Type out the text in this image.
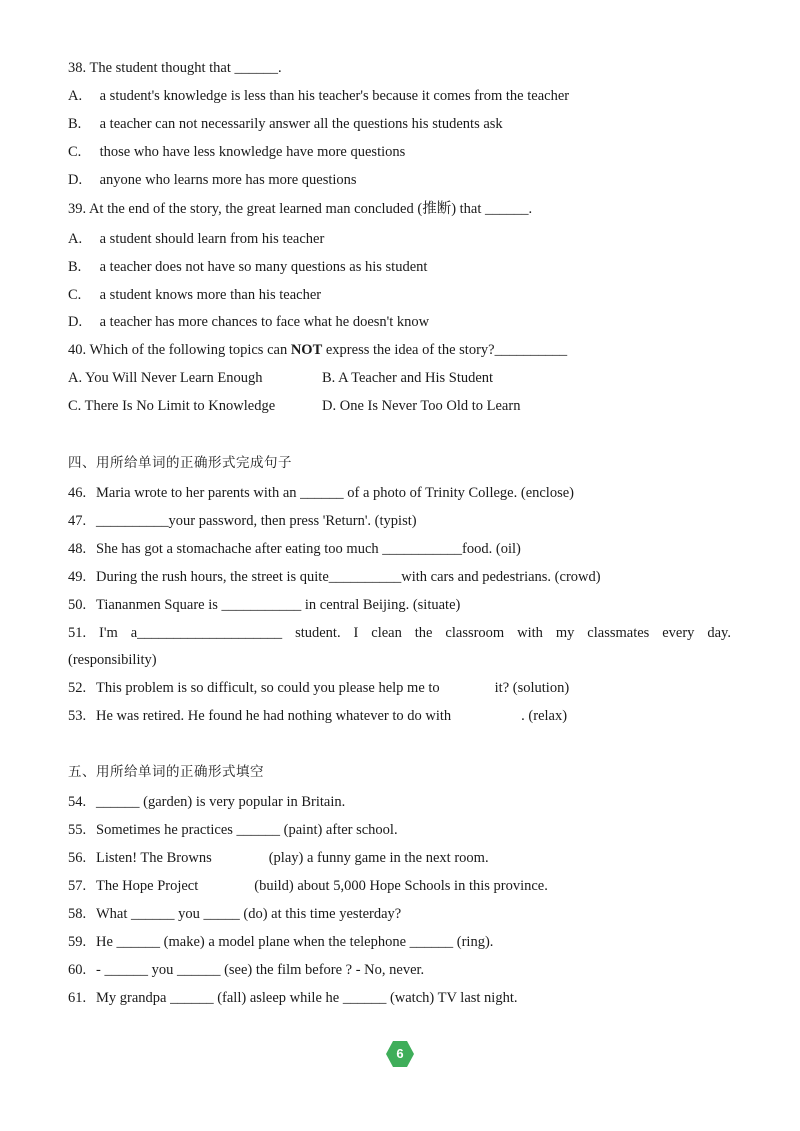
38. The student thought that ______.
A. a student's knowledge is less than his teacher's because it comes from the teacher
B. a teacher can not necessarily answer all the questions his students ask
C. those who have less knowledge have more questions
D. anyone who learns more has more questions
39. At the end of the story, the great learned man concluded (推断) that ______.
A. a student should learn from his teacher
B. a teacher does not have so many questions as his student
C. a student knows more than his teacher
D. a teacher has more chances to face what he doesn't know
40. Which of the following topics can NOT express the idea of the story?__________
A. You Will Never Learn Enough	B. A Teacher and His Student
C. There Is No Limit to Knowledge	D. One Is Never Too Old to Learn
四、用所给单词的正确形式完成句子
46. Maria wrote to her parents with an ______ of a photo of Trinity College. (enclose)
47. __________your password, then press 'Return'. (typist)
48. She has got a stomachache after eating too much ___________food. (oil)
49. During the rush hours, the street is quite__________with cars and pedestrians. (crowd)
50. Tiananmen Square is ___________ in central Beijing. (situate)
51. I'm a____________________ student. I clean the classroom with my classmates every day.
(responsibility)
52. This problem is so difficult, so could you please help me to	it? (solution)
53. He was retired. He found he had nothing whatever to do with	. (relax)
五、用所给单词的正确形式填空
54. ______ (garden) is very popular in Britain.
55. Sometimes he practices ______ (paint) after school.
56. Listen! The Browns	(play) a funny game in the next room.
57. The Hope Project	(build) about 5,000 Hope Schools in this province.
58. What ______ you _____ (do) at this time yesterday?
59. He ______ (make) a model plane when the telephone ______ (ring).
60. - ______ you ______ (see) the film before ? - No, never.
61. My grandpa ______ (fall) asleep while he ______ (watch) TV last night.
6
